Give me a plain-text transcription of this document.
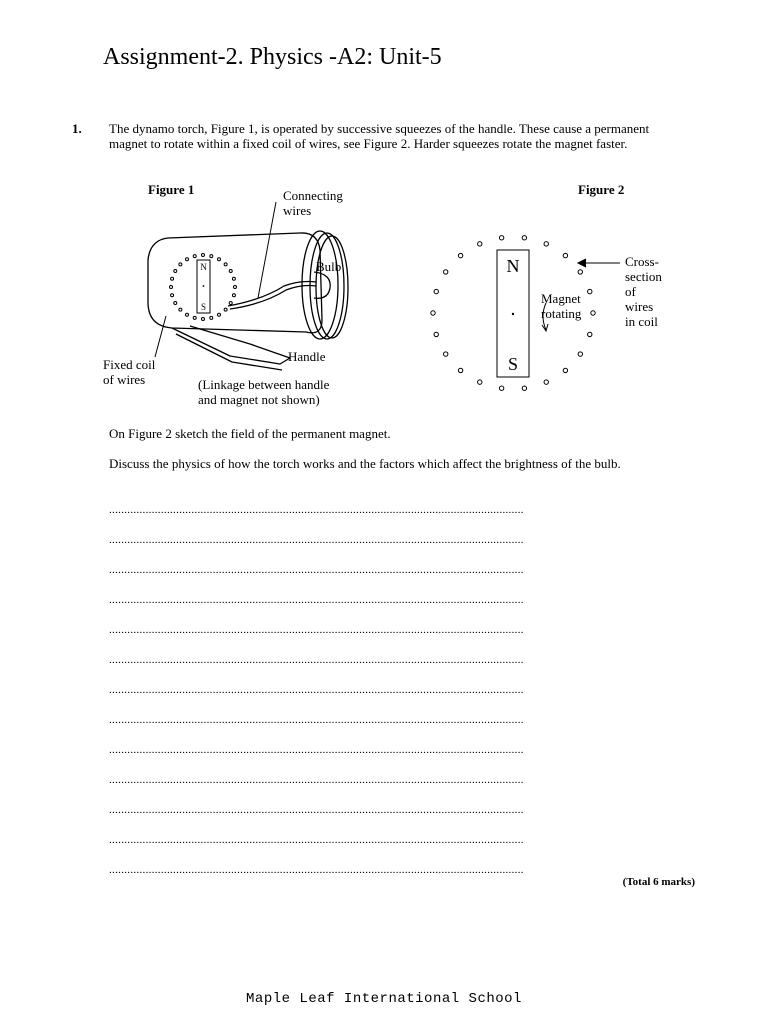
Assignment-2. Physics -A2: Unit-5
1. The dynamo torch, Figure 1, is operated by successive squeezes of the handle. These cause a permanent magnet to rotate within a fixed coil of wires, see Figure 2. Harder squeezes rotate the magnet faster.
Figure 1	Connecting
wires
Bulb
Handle
Fixed coil
of wires	(Linkage between handle
and magnet not shown)
N
S
Figure 2
N
S
Magnet
rotating
Cross-
section
of
wires
in coil
On Figure 2 sketch the field of the permanent magnet.
Discuss the physics of how the torch works and the factors which affect the brightness of the bulb.
........................................................................................................................................
........................................................................................................................................
........................................................................................................................................
........................................................................................................................................
........................................................................................................................................
........................................................................................................................................
........................................................................................................................................
........................................................................................................................................
........................................................................................................................................
........................................................................................................................................
........................................................................................................................................
........................................................................................................................................
........................................................................................................................................
(Total 6 marks)
Maple Leaf International School
